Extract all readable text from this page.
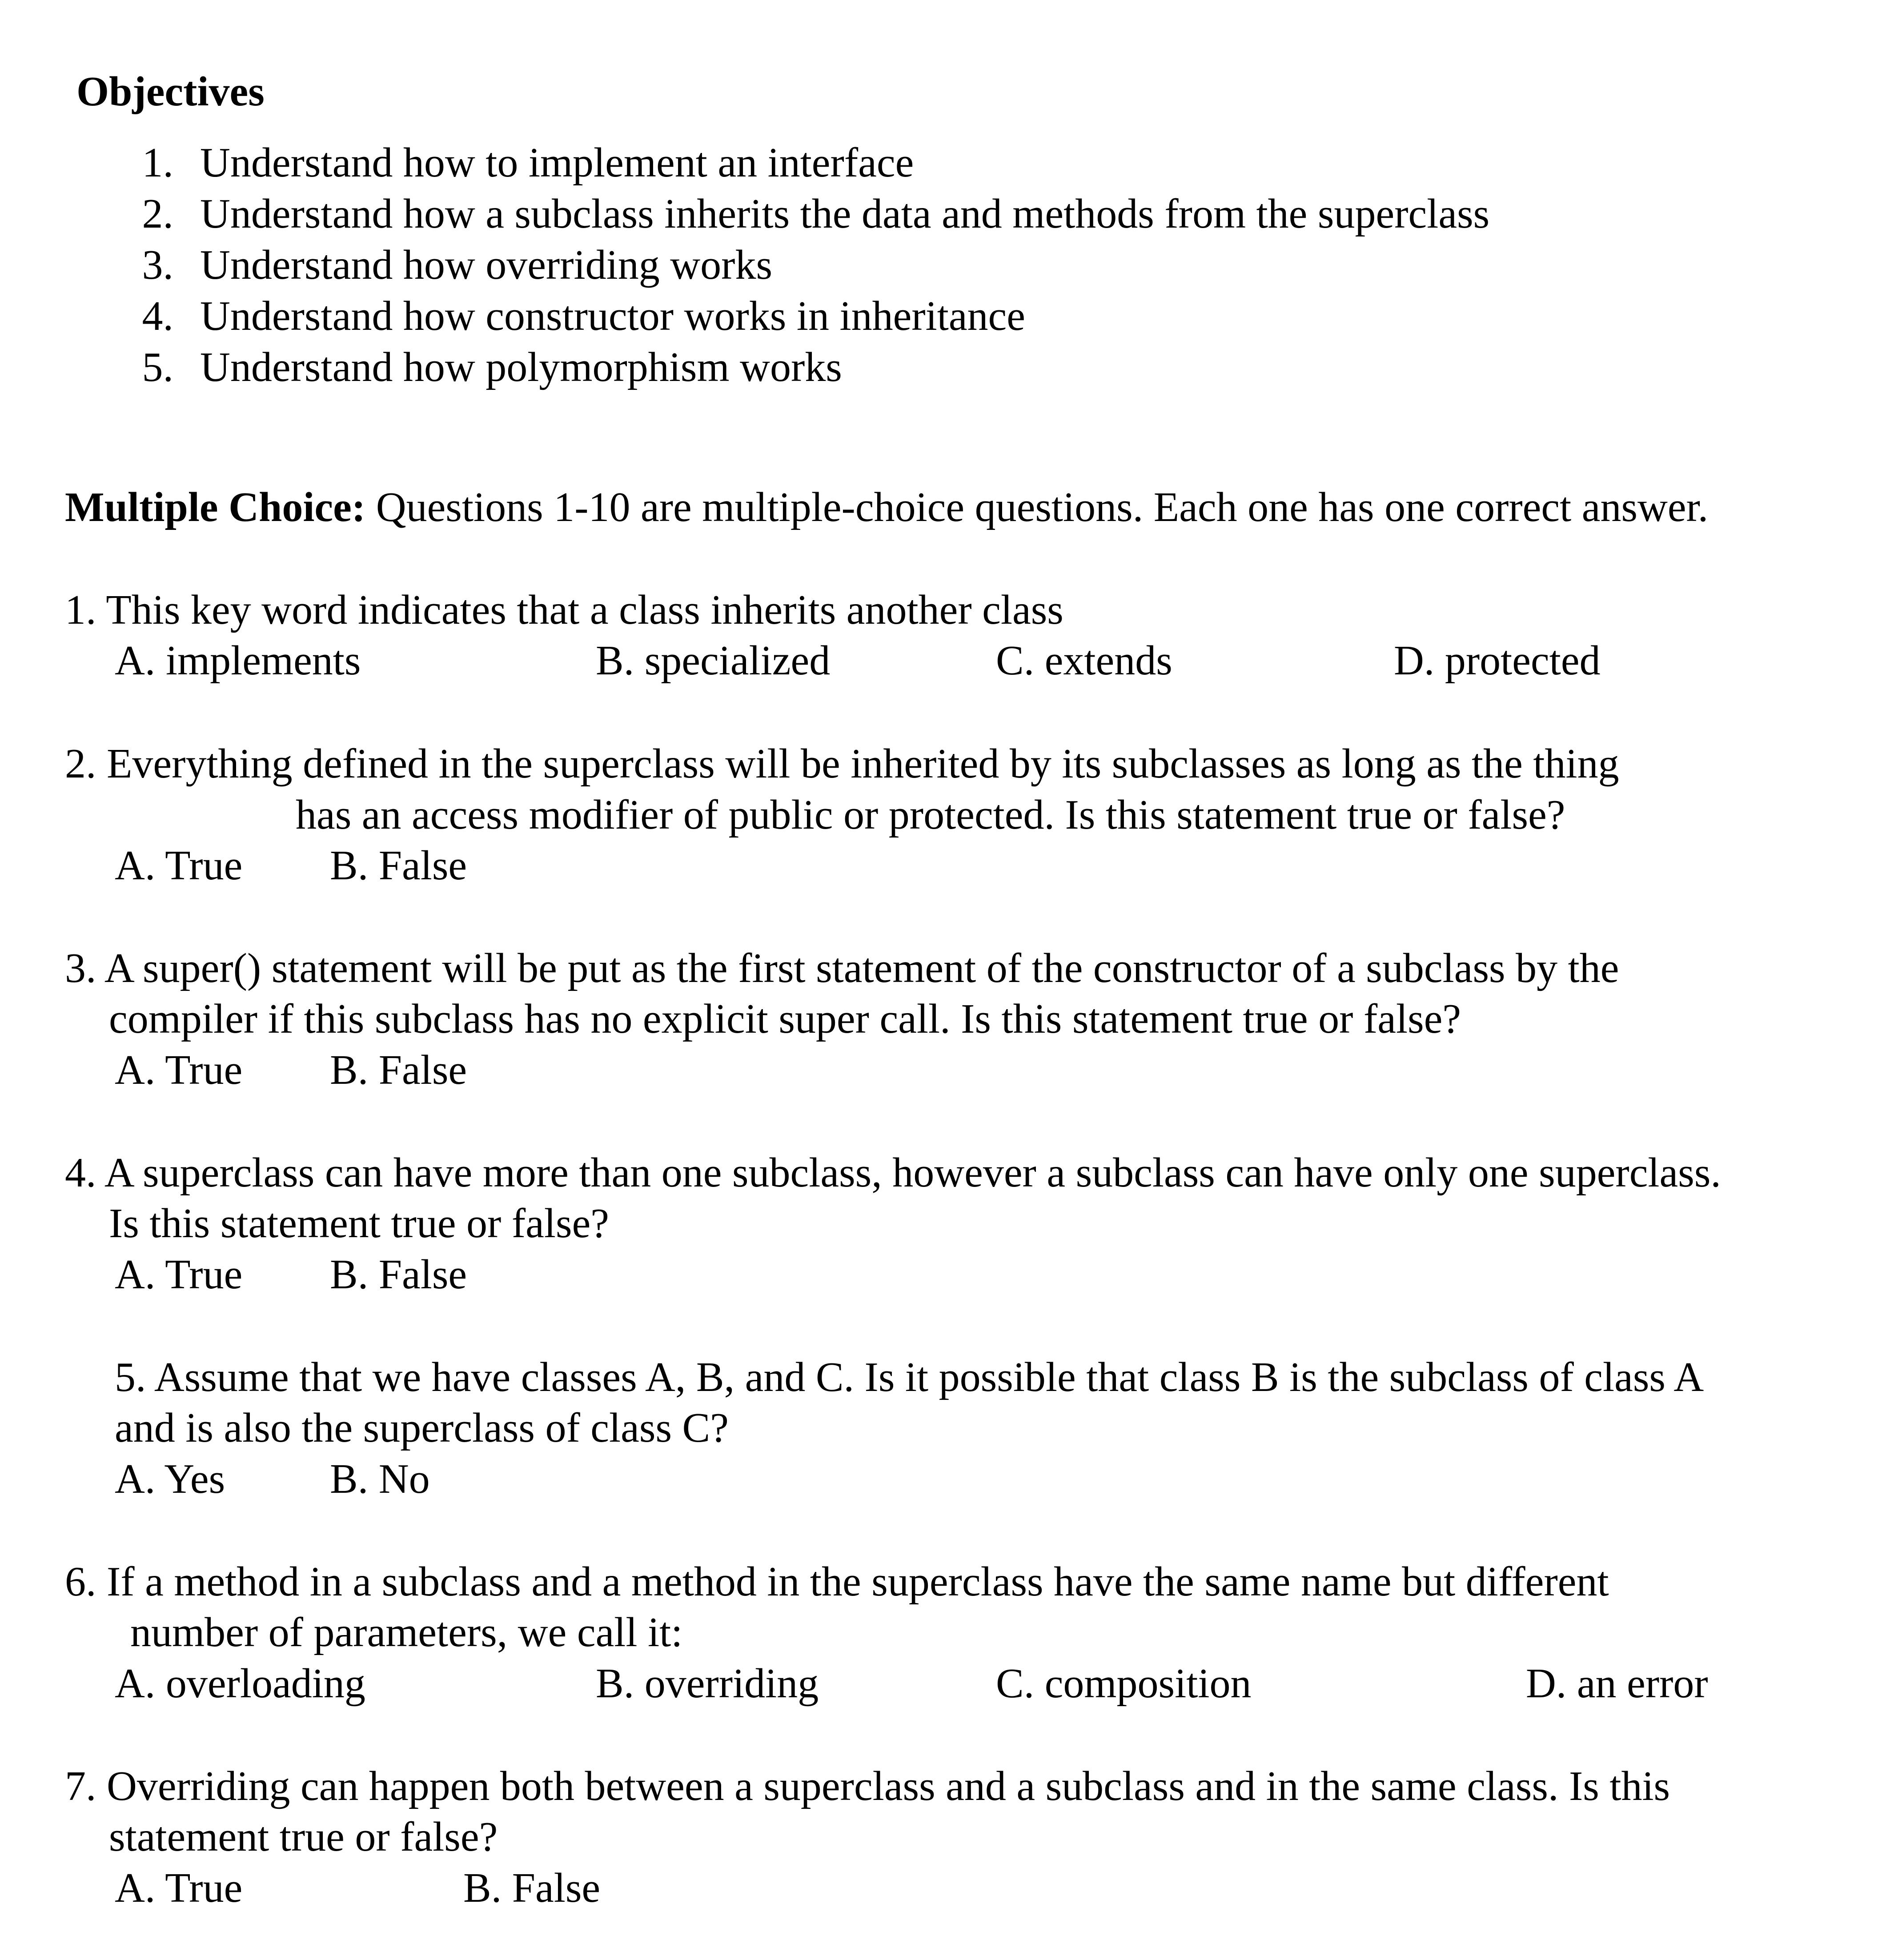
Objectives
1. Understand how to implement an interface
2. Understand how a subclass inherits the data and methods from the superclass
3. Understand how overriding works
4. Understand how constructor works in inheritance
5. Understand how polymorphism works
Multiple Choice: Questions 1-10 are multiple-choice questions. Each one has one correct answer.
1. This key word indicates that a class inherits another class
A. implements	B. specialized	C. extends	D. protected
2. Everything defined in the superclass will be inherited by its subclasses as long as the thing
has an access modifier of public or protected. Is this statement true or false?
A. True B. False
3. A super() statement will be put as the first statement of the constructor of a subclass by the
compiler if this subclass has no explicit super call. Is this statement true or false?
A. True B. False
4. A superclass can have more than one subclass, however a subclass can have only one superclass.
Is this statement true or false?
A. True B. False
5. Assume that we have classes A, B, and C. Is it possible that class B is the subclass of class A
and is also the superclass of class C?
A. Yes	B. No
6. If a method in a subclass and a method in the superclass have the same name but different
number of parameters, we call it:
A. overloading	B. overriding	C. composition	D. an error
7. Overriding can happen both between a superclass and a subclass and in the same class. Is this
statement true or false?
A. True	B. False
